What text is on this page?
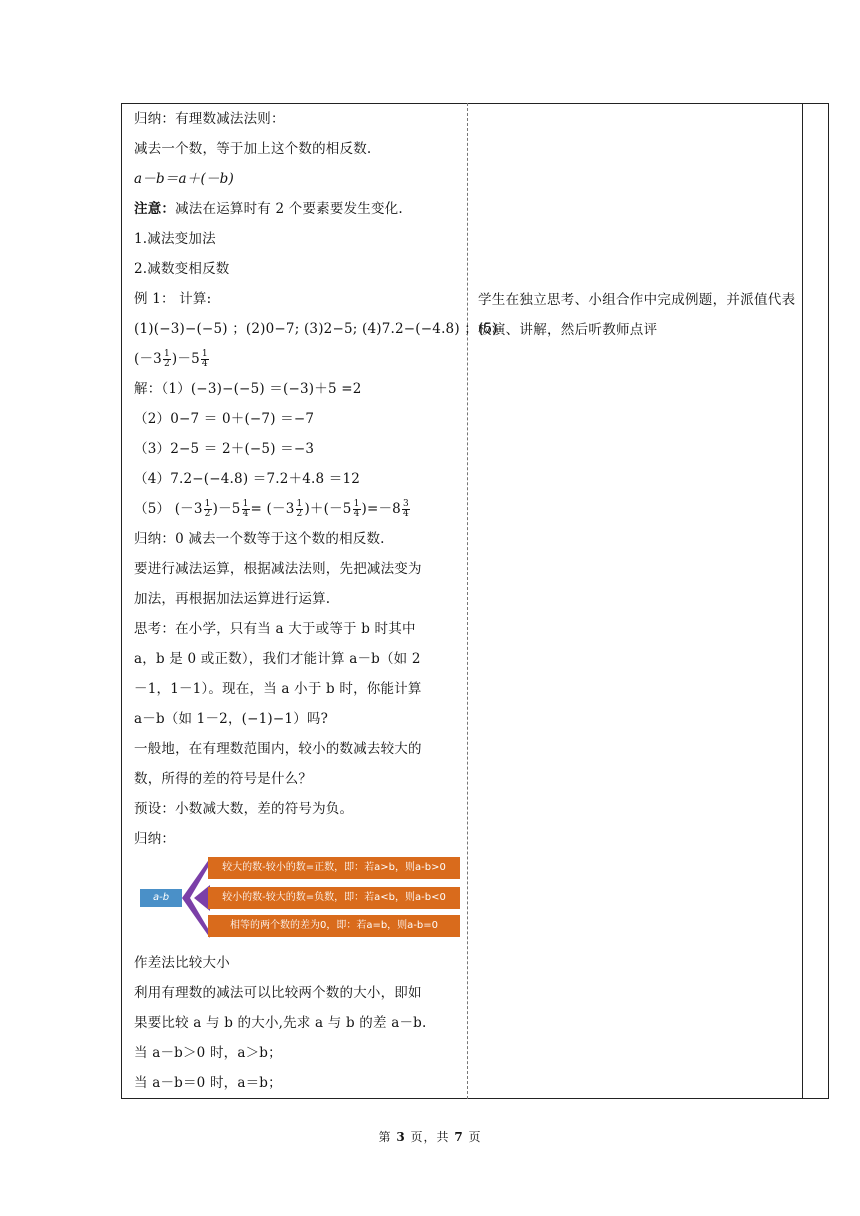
归纳：有理数减法法则：
减去一个数，等于加上这个数的相反数.
a－b＝a＋(－b)
注意：减法在运算时有 2 个要素要发生变化.
1.减法变加法
2.减数变相反数
例 1： 计算:
(1)(−3)−(−5) ；(2)0−7; (3)2−5; (4)7.2−(−4.8) ；(5)
$(-3 \frac{1}{2} )-5 \frac{1}{4}$
解：（1）(−3)−(−5) ＝(−3)＋5 =2
（2）0−7 ＝ 0＋(−7) ＝−7
（3）2−5 ＝ 2＋(−5) ＝−3
（4）7.2−(−4.8) ＝7.2＋4.8 ＝12
（5） $(-3 \frac{1}{2} )-5 \frac{1}{4} = (-3 \frac{1}{2} )+(-5 \frac{1}{4} )=-8 \frac{3}{4}$
归纳：0 减去一个数等于这个数的相反数.
要进行减法运算，根据减法法则，先把减法变为
加法，再根据加法运算进行运算.
思考：在小学，只有当 a 大于或等于 b 时其中
a，b 是 0 或正数），我们才能计算 a－b（如 2
－1，1－1）。现在，当 a 小于 b 时，你能计算
a－b（如 1－2，(−1)−1）吗?
一般地，在有理数范围内，较小的数减去较大的
数，所得的差的符号是什么？
预设：小数减大数，差的符号为负。
归纳：
a-b
较大的数-较小的数=正数，即：若a>b，则a-b>0
较小的数-较大的数=负数，即：若a<b，则a-b<0
相等的两个数的差为0，即：若a=b，则a-b=0
作差法比较大小
利用有理数的减法可以比较两个数的大小，即如
果要比较 a 与 b 的大小,先求 a 与 b 的差 a－b.
当 a－b＞0 时，a＞b；
当 a－b＝0 时，a＝b；
学生在独立思考、小组合作中完成例题，并派值代表板演、讲解，然后听教师点评
第 3 页，共 7 页
